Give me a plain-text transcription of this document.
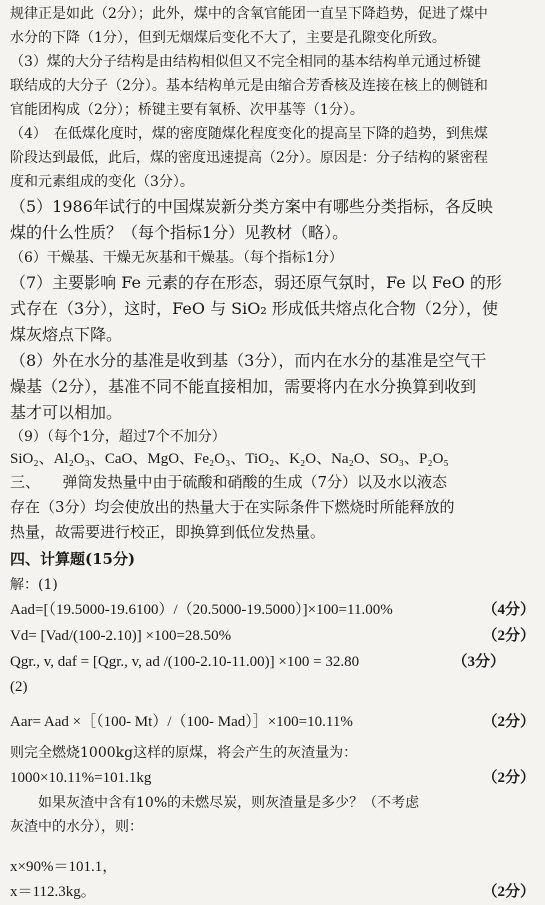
规律正是如此（2分）；此外，煤中的含氧官能团一直呈下降趋势，促进了煤中
水分的下降（1分），但到无烟煤后变化不大了，主要是孔隙变化所致。
（3）煤的大分子结构是由结构相似但又不完全相同的基本结构单元通过桥键
联结成的大分子（2分）。基本结构单元是由缩合芳香核及连接在核上的侧链和
官能团构成（2分）；桥键主要有氧桥、次甲基等（1分）。
（4）　在低煤化度时，煤的密度随煤化程度变化的提高呈下降的趋势，到焦煤
阶段达到最低，此后，煤的密度迅速提高（2分）。原因是：分子结构的紧密程
度和元素组成的变化（3分）。
（5）1986年试行的中国煤炭新分类方案中有哪些分类指标，各反映
煤的什么性质？（每个指标1分）见教材（略）。
（6）干燥基、干燥无灰基和干燥基。（每个指标1分）
（7）主要影响 Fe 元素的存在形态，弱还原气氛时，Fe 以 FeO 的形
式存在（3分），这时，FeO 与 SiO₂ 形成低共熔点化合物（2分），使
煤灰熔点下降。
（8）外在水分的基准是收到基（3分），而内在水分的基准是空气干
燥基（2分），基准不同不能直接相加，需要将内在水分换算到收到
基才可以相加。
（9）（每个1分，超过7个不加分）
SiO₂、Al₂O₃、CaO、MgO、Fe₂O₃、TiO₂、K₂O、Na₂O、SO₃、P₂O₅
三、　　弹筒发热量中由于硫酸和硝酸的生成（7分）以及水以液态
存在（3分）均会使放出的热量大于在实际条件下燃烧时所能释放的
热量，故需要进行校正，即换算到低位发热量。
四、计算题(15分)
解：(1)
Aad=[（19.5000-19.6100）/（20.5000-19.5000）]×100=11.00%	（4分）
Vd= [Vad/(100-2.10)] ×100=28.50%	（2分）
Qgr., v, daf = [Qgr., v, ad /(100-2.10-11.00)] ×100 = 32.80	（3分）
(2)
Aar= Aad ×［（100- Mt）/（100- Mad）］×100=10.11%	（2分）
则完全燃烧1000kg这样的原煤，将会产生的灰渣量为：
1000×10.11%=101.1kg	（2分）
如果灰渣中含有10%的未燃尽炭，则灰渣量是多少？（不考虑
灰渣中的水分），则：
x×90%＝101.1，
x＝112.3kg。	（2分）
